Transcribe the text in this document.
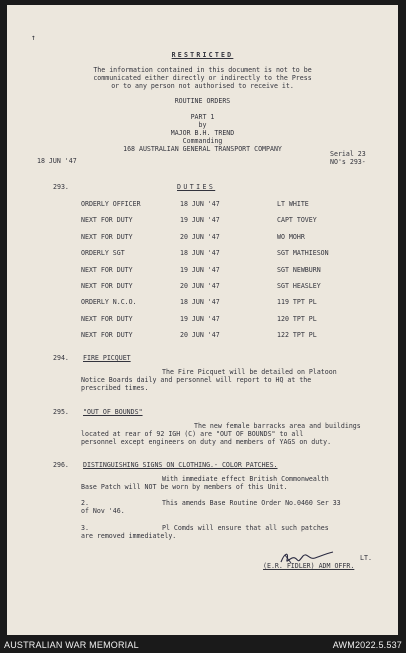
RESTRICTED
The information contained in this document is not to be
communicated either directly or indirectly to the Press
or to any person not authorised to receive it.
ROUTINE ORDERS
PART 1
by
MAJOR B.H. TREND
Commanding
168 AUSTRALIAN GENERAL TRANSPORT COMPANY
18 JUN '47
Serial 23
NO's 293-
293.	DUTIES
ORDERLY OFFICER	18 JUN '47	LT WHITE
NEXT FOR DUTY	19 JUN '47	CAPT TOVEY
NEXT FOR DUTY	20 JUN '47	WO MOHR
ORDERLY SGT	18 JUN '47	SGT MATHIESON
NEXT FOR DUTY	19 JUN '47	SGT NEWBURN
NEXT FOR DUTY	20 JUN '47	SGT HEASLEY
ORDERLY N.C.O.	18 JUN '47	119 TPT PL
NEXT FOR DUTY	19 JUN '47	120 TPT PL
NEXT FOR DUTY	20 JUN '47	122 TPT PL
294. FIRE PICQUET
The Fire Picquet will be detailed on Platoon
Notice Boards daily and personnel will report to HQ at the
prescribed times.
295. "OUT OF BOUNDS"
The new female barracks area and buildings
located at rear of 92 IGH (C) are "OUT OF BOUNDS" to all
personnel except engineers on duty and members of YAGS on duty.
296. DISTINGUISHING SIGNS ON CLOTHING.- COLOR PATCHES.
With immediate effect British Commonwealth
Base Patch will NOT be worn by members of this Unit.
2.	This amends Base Routine Order No.0460 Ser 33
of Nov '46.
3.	Pl Comds will ensure that all such patches
are removed immediately.
LT.
(E.R. FIDLER) ADM OFFR.
↑
AUSTRALIAN WAR MEMORIAL	AWM2022.5.537
